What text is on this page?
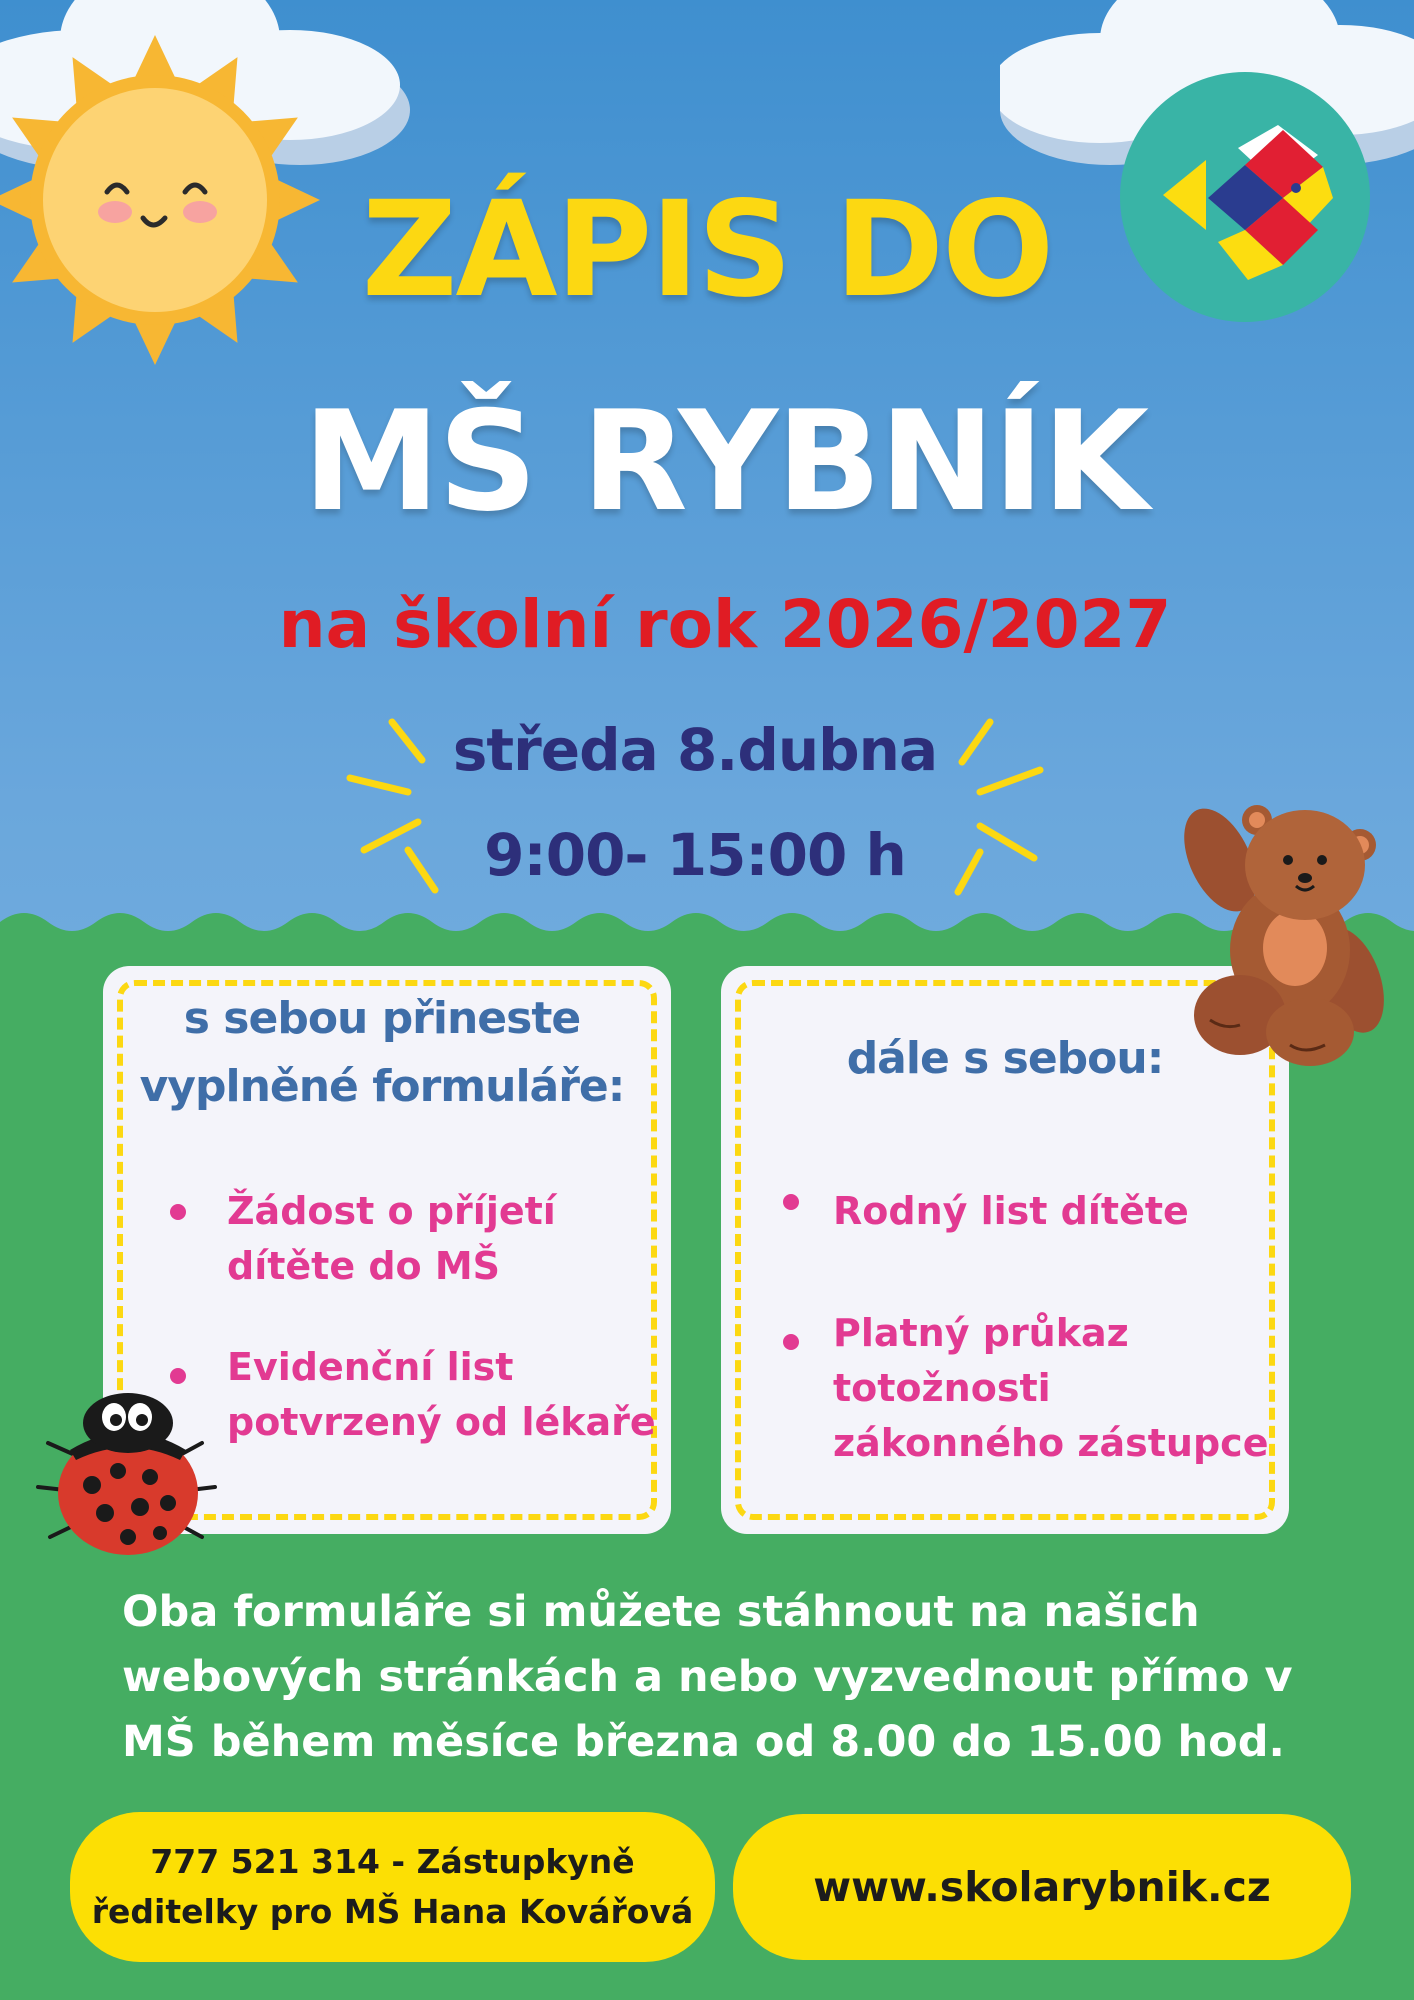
ZÁPIS DO
MŠ RYBNÍK
na školní rok 2026/2027
středa 8.dubna
9:00- 15:00 h
s sebou přineste
vyplněné formuláře:
Žádost o příjetí
dítěte do MŠ
Evidenční list
potvrzený od lékaře
dále s sebou:
Rodný list dítěte
Platný průkaz
totožnosti
zákonného zástupce
Oba formuláře si můžete stáhnout na našich
webových stránkách a nebo vyzvednout přímo v
MŠ během měsíce března od 8.00 do 15.00 hod.
777 521 314 - Zástupkyně
ředitelky pro MŠ Hana Kovářová
www.skolarybnik.cz
